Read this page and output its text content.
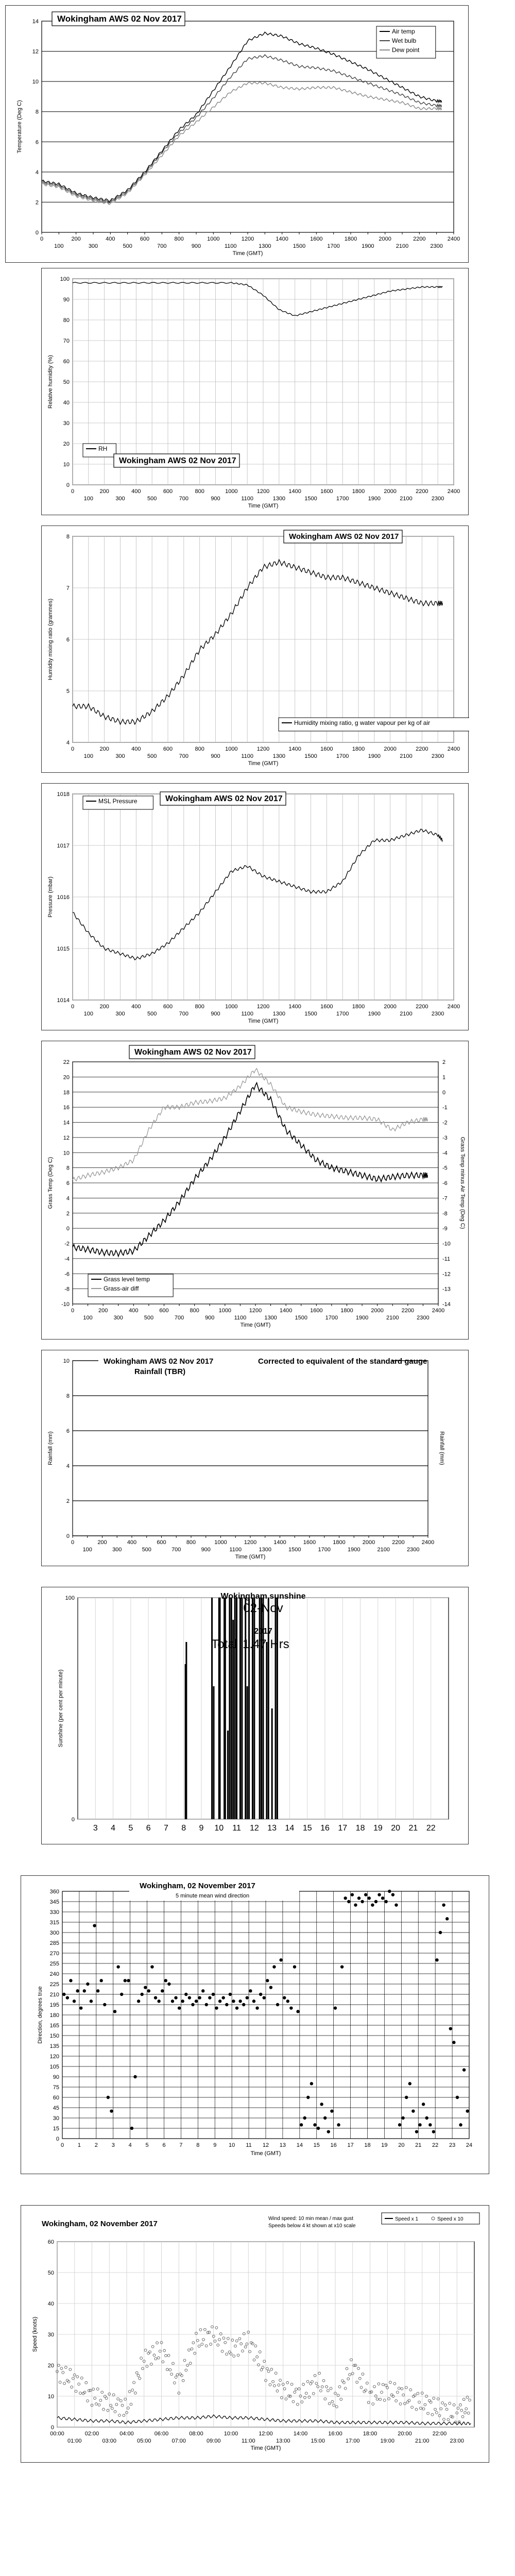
0
2
4
6
8
10
12
14
0
100
200
300
400
500
600
700
800
900
1000
1100
1200
1300
1400
1500
1600
1700
1800
1900
2000
2100
2200
2300
2400
Time (GMT)
Temperature (Deg C)
Wokingham AWS 02 Nov 2017
Air temp
Wet bulb
Dew point
0
10
20
30
40
50
60
70
80
90
100
0
100
200
300
400
500
600
700
800
900
1000
1100
1200
1300
1400
1500
1600
1700
1800
1900
2000
2100
2200
2300
2400
Time (GMT)
Relative humidity (%)
RH
Wokingham AWS 02 Nov 2017
4
5
6
7
8
0
100
200
300
400
500
600
700
800
900
1000
1100
1200
1300
1400
1500
1600
1700
1800
1900
2000
2100
2200
2300
2400
Time (GMT)
Humidity mixing ratio (grammes)
Wokingham AWS 02 Nov 2017
Humidity mixing ratio, g water vapour per kg of air
1014
1015
1016
1017
1018
0
100
200
300
400
500
600
700
800
900
1000
1100
1200
1300
1400
1500
1600
1700
1800
1900
2000
2100
2200
2300
2400
Time (GMT)
Pressure (mbar)
MSL Pressure	Wokingham AWS 02 Nov 2017
-10
-8
-6
-4
-2
0
2
4
6
8
10
12
14
16
18
20
22
0
100
200
300
400
500
600
700
800
900
1000
1100
1200
1300
1400
1500
1600
1700
1800
1900
2000
2100
2200
2300
2400
Time (GMT)
Grass Temp (Deg C)
-14
-13
-12
-11
-10
-9
-8
-7
-6
-5
-4
-3
-2
-1
0
1
2
Grass Temp minus Air Temp (Deg C)
Wokingham AWS 02 Nov 2017
Grass level temp
Grass-air diff
0
2
4
6
8
10
0
100
200
300
400
500
600
700
800
900
1000
1100
1200
1300
1400
1500
1600
1700
1800
1900
2000
2100
2200
2300
2400
Time (GMT)
Rainfall (mm)	Rainfall (mm)
Wokingham AWS 02 Nov 2017
Rainfall (TBR)
Corrected to equivalent of the standard gauge
3 4 5 6 7 8 9 10 11 12 13 14 15 16 17 18 19 20 21 22
0
100
Sunshine (per cent per minute)
Wokingham sunshine
02-Nov
2017
Total 1.47 Hrs
0
15
30
45
60
75
90
105
120
135
150
165
180
195
210
225
240
255
270
285
300
315
330
345
360
0 1 2 3 4 5 6 7 8 9 10 11 12 13 14 15 16 17 18 19 20 21 22 23 24
Time (GMT)
Direction, degrees true
Wokingham, 02 November 2017
5 minute mean wind direction
0
10
20
30
40
50
60
00:00
01:00
02:00
03:00
04:00
05:00
06:00
07:00
08:00
09:00
10:00
11:00
12:00
13:00
14:00
15:00
16:00
17:00
18:00
19:00
20:00
21:00
22:00
23:00
Time (GMT)
Speed (knots)
Wokingham, 02 November 2017
Wind speed: 10 min mean / max gust
Speeds below 4 kt shown at x10 scale
Speed x 1	Speed x 10
